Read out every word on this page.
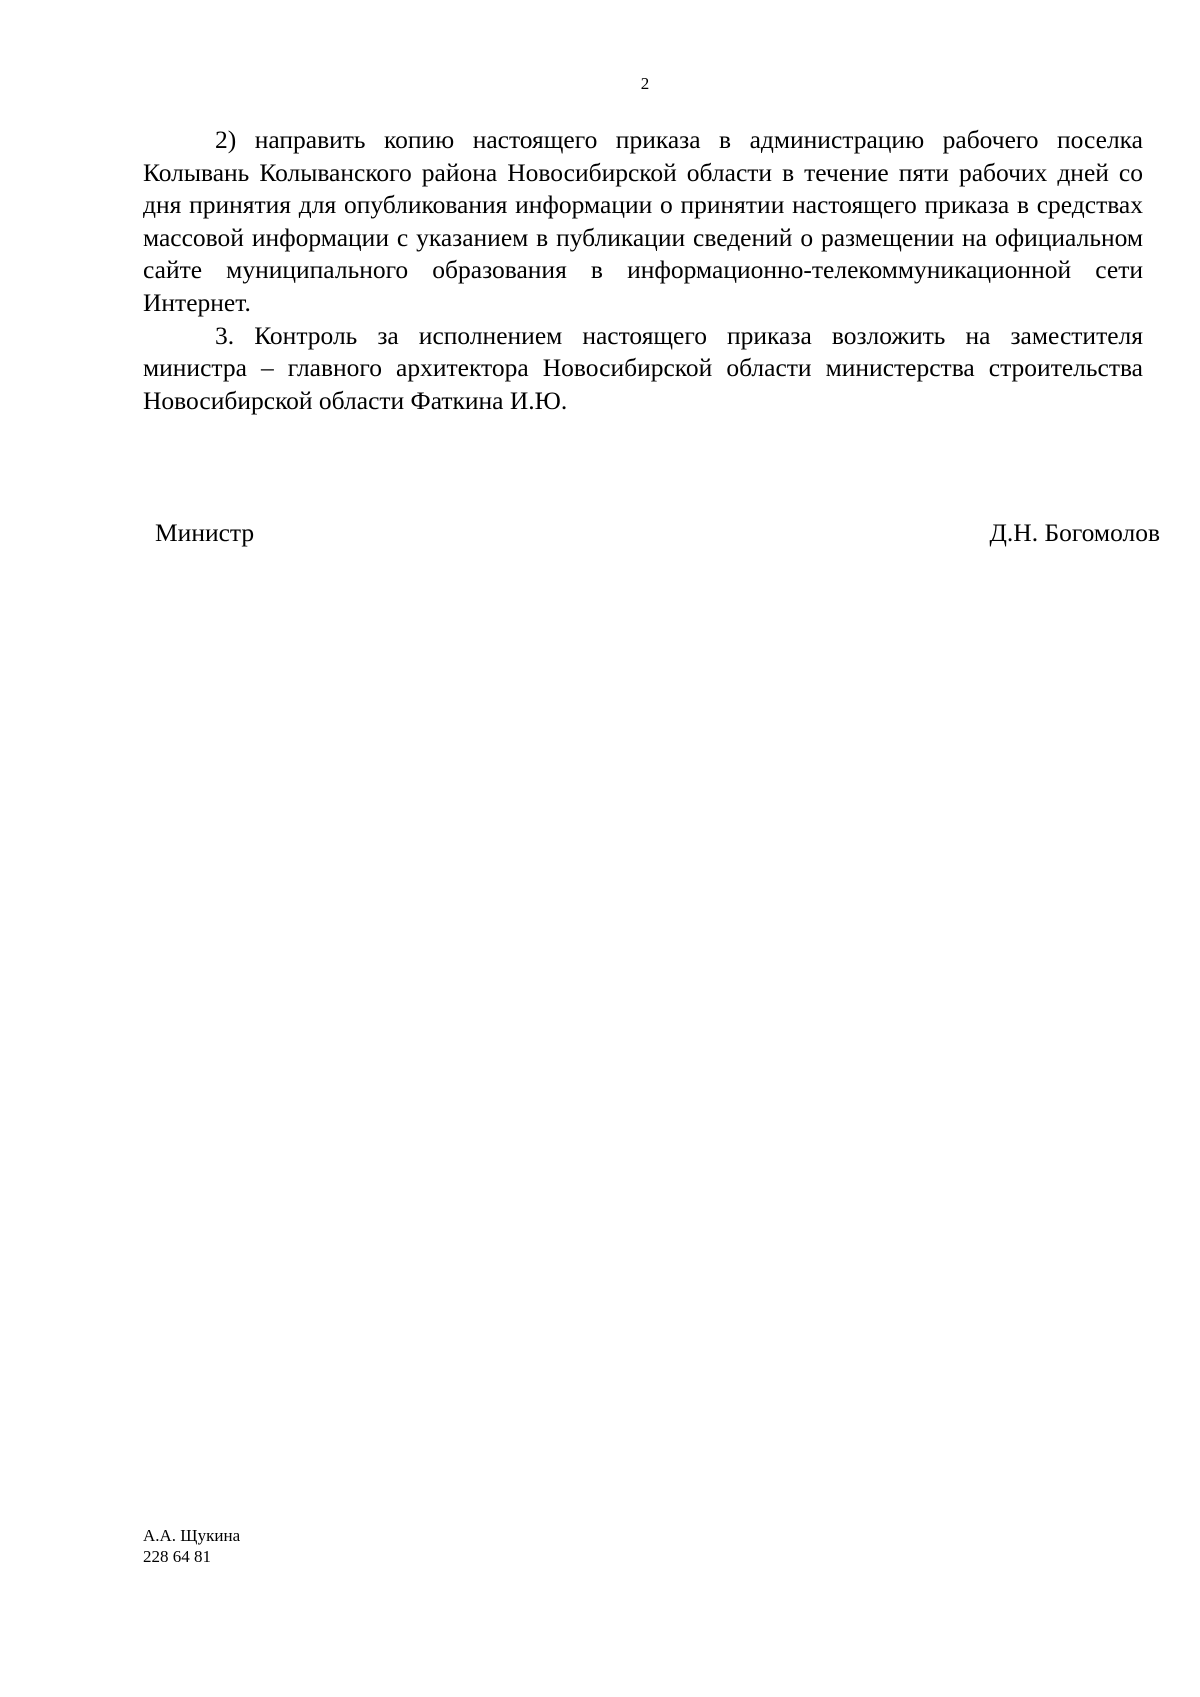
2

2) направить копию настоящего приказа в администрацию рабочего поселка Колывань Колыванского района Новосибирской области в течение пяти рабочих дней со дня принятия для опубликования информации о принятии настоящего приказа в средствах массовой информации с указанием в публикации сведений о размещении на официальном сайте муниципального образования в информационно-телекоммуникационной сети Интернет.

3. Контроль за исполнением настоящего приказа возложить на заместителя министра – главного архитектора Новосибирской области министерства строительства Новосибирской области Фаткина И.Ю.

Министр	Д.Н. Богомолов
А.А. Щукина
228 64 81
